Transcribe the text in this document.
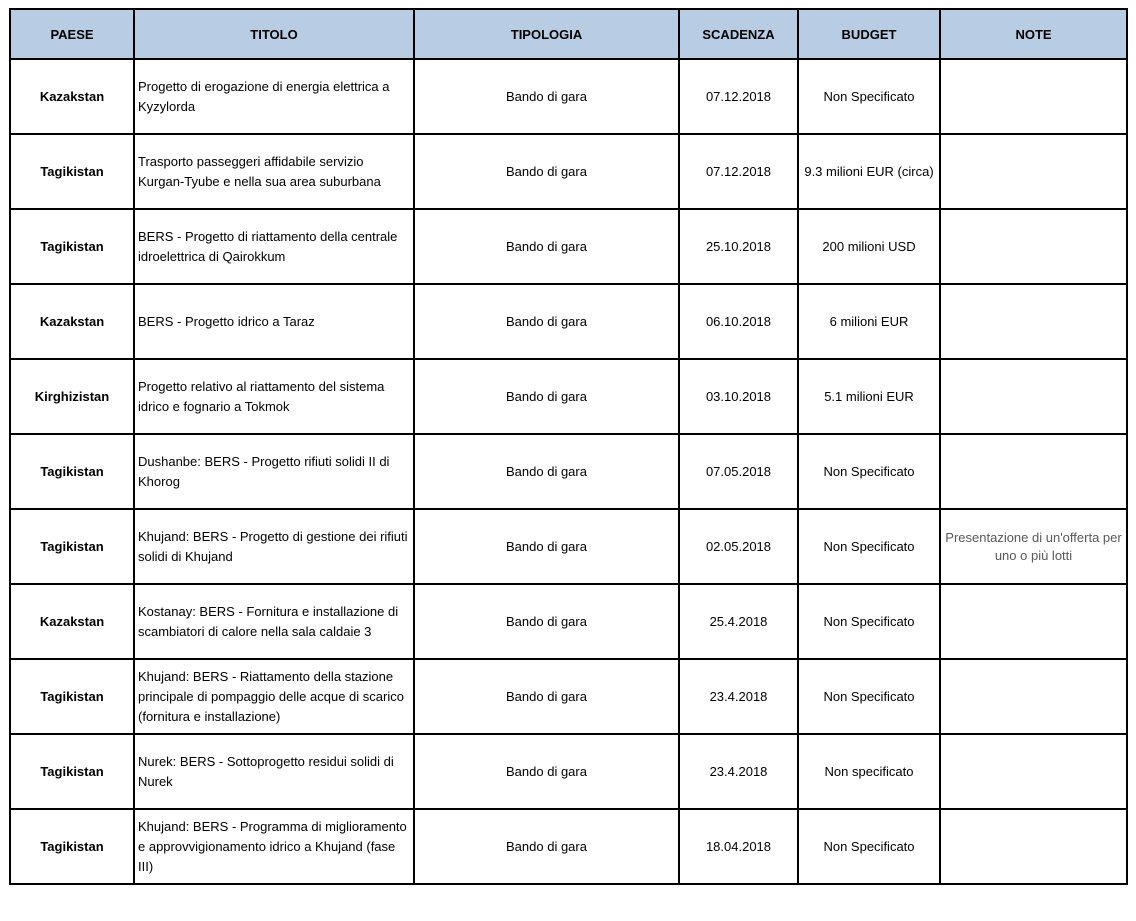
PAESE	TITOLO	TIPOLOGIA	SCADENZA	BUDGET	NOTE
Kazakstan	Progetto di erogazione di energia elettrica a Kyzylorda	Bando di gara	07.12.2018	Non Specificato	
Tagikistan	Trasporto passeggeri affidabile servizio Kurgan-Tyube e nella sua area suburbana	Bando di gara	07.12.2018	9.3 milioni EUR (circa)	
Tagikistan	BERS - Progetto di riattamento della centrale idroelettrica di Qairokkum	Bando di gara	25.10.2018	200 milioni USD	
Kazakstan	BERS - Progetto idrico a Taraz	Bando di gara	06.10.2018	6 milioni EUR	
Kirghizistan	Progetto relativo al riattamento del sistema idrico e fognario a Tokmok	Bando di gara	03.10.2018	5.1 milioni EUR	
Tagikistan	Dushanbe: BERS - Progetto rifiuti solidi II di Khorog	Bando di gara	07.05.2018	Non Specificato	
Tagikistan	Khujand: BERS - Progetto di gestione dei rifiuti solidi di Khujand	Bando di gara	02.05.2018	Non Specificato	Presentazione di un'offerta per uno o più lotti
Kazakstan	Kostanay: BERS - Fornitura e installazione di scambiatori di calore nella sala caldaie 3	Bando di gara	25.4.2018	Non Specificato	
Tagikistan	Khujand: BERS - Riattamento della stazione principale di pompaggio delle acque di scarico (fornitura e installazione)	Bando di gara	23.4.2018	Non Specificato	
Tagikistan	Nurek: BERS - Sottoprogetto residui solidi di Nurek	Bando di gara	23.4.2018	Non specificato	
Tagikistan	Khujand: BERS - Programma di miglioramento e approvvigionamento idrico a Khujand (fase III)	Bando di gara	18.04.2018	Non Specificato	
